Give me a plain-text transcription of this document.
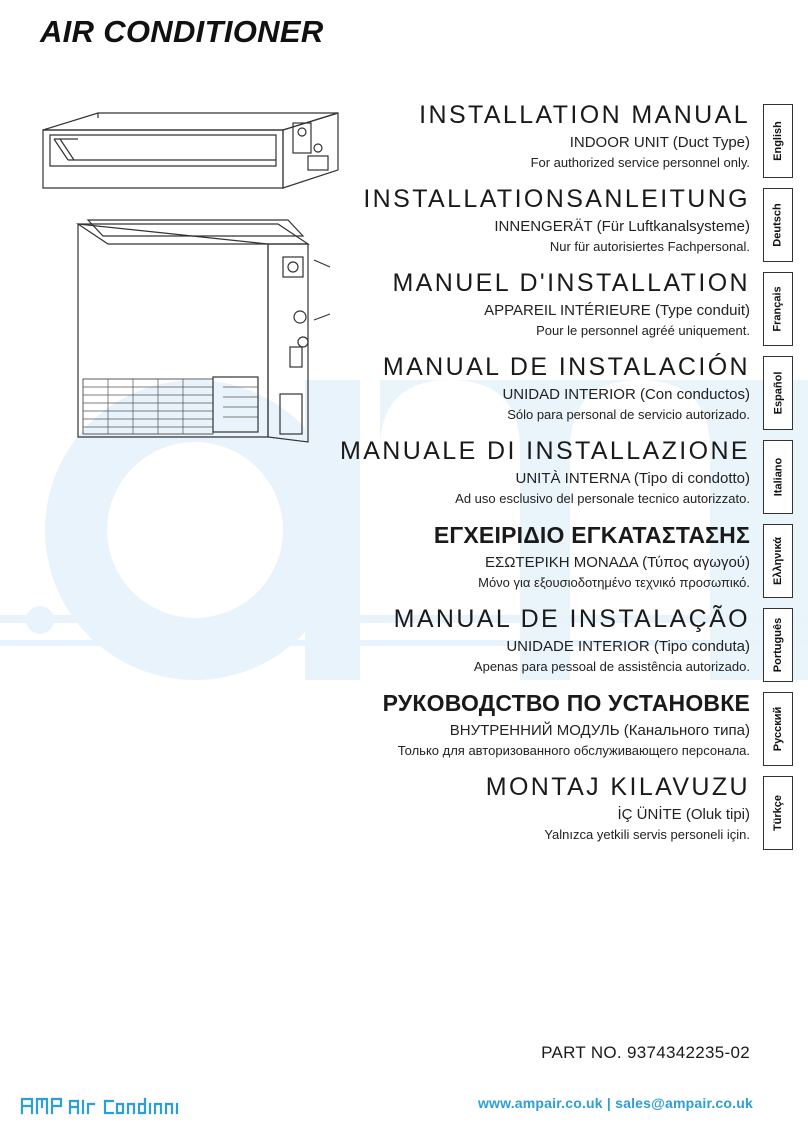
AIR CONDITIONER
INSTALLATION MANUAL
INDOOR UNIT (Duct Type)
For authorized service personnel only.
INSTALLATIONSANLEITUNG
INNENGERÄT (Für Luftkanalsysteme)
Nur für autorisiertes Fachpersonal.
MANUEL D'INSTALLATION
APPAREIL INTÉRIEURE (Type conduit)
Pour le personnel agréé uniquement.
MANUAL DE INSTALACIÓN
UNIDAD INTERIOR (Con conductos)
Sólo para personal de servicio autorizado.
MANUALE DI INSTALLAZIONE
UNITÀ INTERNA (Tipo di condotto)
Ad uso esclusivo del personale tecnico autorizzato.
ΕΓΧΕΙΡΙΔΙΟ ΕΓΚΑΤΑΣΤΑΣΗΣ
ΕΣΩΤΕΡΙΚΗ ΜΟΝΑΔΑ (Τύπος αγωγού)
Μόνο για εξουσιοδοτημένο τεχνικό προσωπικό.
MANUAL DE INSTALAÇÃO
UNIDADE INTERIOR (Tipo conduta)
Apenas para pessoal de assistência autorizado.
РУКОВОДСТВО ПО УСТАНОВКЕ
ВНУТРЕННИЙ МОДУЛЬ (Канального типа)
Только для авторизованного обслуживающего персонала.
MONTAJ KILAVUZU
İÇ ÜNİTE (Oluk tipi)
Yalnızca yetkili servis personeli için.
English
Deutsch
Français
Español
Italiano
Ελληνικά
Português
Русский
Türkçe
PART NO. 9374342235-02
www.ampair.co.uk | sales@ampair.co.uk
